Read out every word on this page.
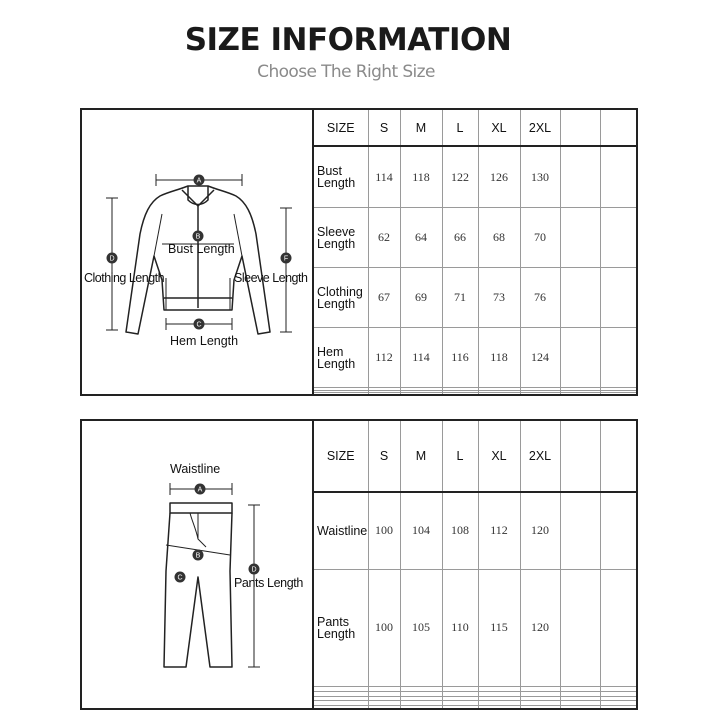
SIZE INFORMATION
Choose The Right Size
A
B
C
D	F
Bust Length
Clothing Length	Sleeve Length
Hem Length
SIZE	S	M	L	XL	2XL		
Bust
Length	114	118	122	126	130		
Sleeve
Length	62	64	66	68	70		
Clothing
Length	67	69	71	73	76		
Hem
Length	112	114	116	118	124		

A
B
C
D
Waistline
Pants Length
SIZE	S	M	L	XL	2XL		
Waistline	100	104	108	112	120		
Pants
Length	100	105	110	115	120		
